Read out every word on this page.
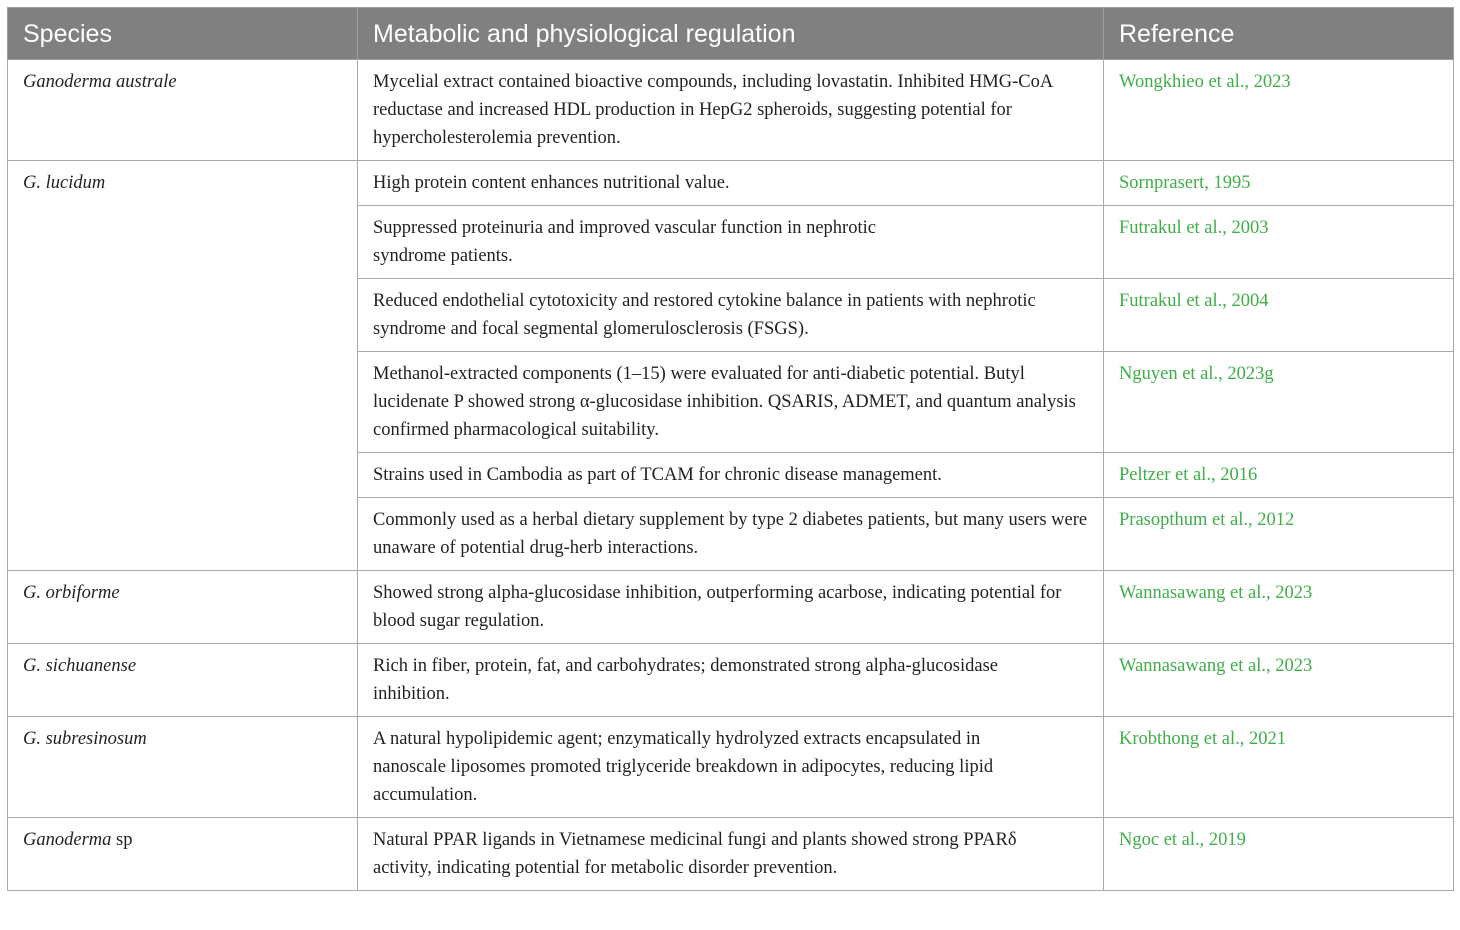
Species	Metabolic and physiological regulation	Reference
Ganoderma australe	Mycelial extract contained bioactive compounds, including lovastatin. Inhibited HMG-CoA reductase and increased HDL production in HepG2 spheroids, suggesting potential for hypercholesterolemia prevention.	Wongkhieo et al., 2023
G. lucidum	High protein content enhances nutritional value.	Sornprasert, 1995
	Suppressed proteinuria and improved vascular function in nephrotic syndrome patients.	Futrakul et al., 2003
	Reduced endothelial cytotoxicity and restored cytokine balance in patients with nephrotic syndrome and focal segmental glomerulosclerosis (FSGS).	Futrakul et al., 2004
	Methanol-extracted components (1–15) were evaluated for anti-diabetic potential. Butyl lucidenate P showed strong α-glucosidase inhibition. QSARIS, ADMET, and quantum analysis confirmed pharmacological suitability.	Nguyen et al., 2023g
	Strains used in Cambodia as part of TCAM for chronic disease management.	Peltzer et al., 2016
	Commonly used as a herbal dietary supplement by type 2 diabetes patients, but many users were unaware of potential drug-herb interactions.	Prasopthum et al., 2012
G. orbiforme	Showed strong alpha-glucosidase inhibition, outperforming acarbose, indicating potential for blood sugar regulation.	Wannasawang et al., 2023
G. sichuanense	Rich in fiber, protein, fat, and carbohydrates; demonstrated strong alpha-glucosidase inhibition.	Wannasawang et al., 2023
G. subresinosum	A natural hypolipidemic agent; enzymatically hydrolyzed extracts encapsulated in nanoscale liposomes promoted triglyceride breakdown in adipocytes, reducing lipid accumulation.	Krobthong et al., 2021
Ganoderma sp	Natural PPAR ligands in Vietnamese medicinal fungi and plants showed strong PPARδ activity, indicating potential for metabolic disorder prevention.	Ngoc et al., 2019
